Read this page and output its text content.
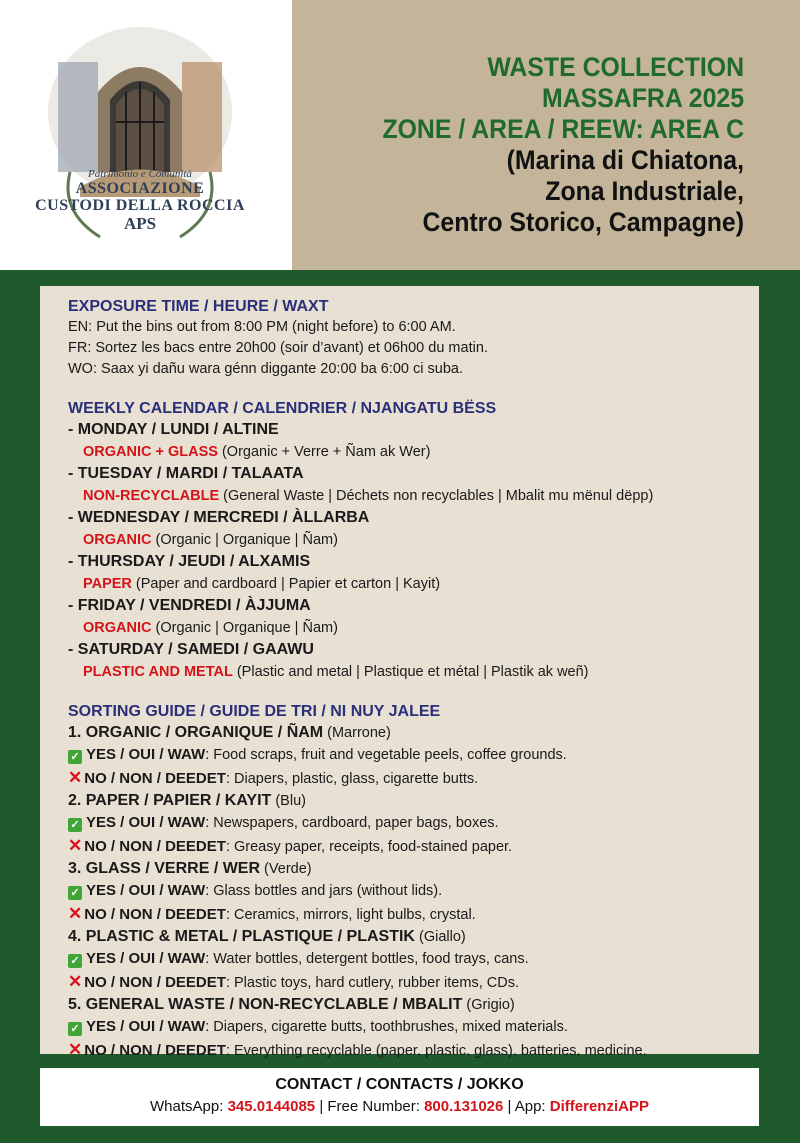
Patrimonio e Comunità
ASSOCIAZIONE
CUSTODI DELLA ROCCIA
APS
WASTE COLLECTION
MASSAFRA 2025
ZONE / AREA / REEW: AREA C
(Marina di Chiatona,
Zona Industriale,
Centro Storico, Campagne)
EXPOSURE TIME / HEURE / WAXT
EN: Put the bins out from 8:00 PM (night before) to 6:00 AM.
FR: Sortez les bacs entre 20h00 (soir d’avant) et 06h00 du matin.
WO: Saax yi dañu wara génn diggante 20:00 ba 6:00 ci suba.
WEEKLY CALENDAR / CALENDRIER / NJANGATU BËSS
- MONDAY / LUNDI / ALTINE
ORGANIC + GLASS (Organic + Verre + Ñam ak Wer)
- TUESDAY / MARDI / TALAATA
NON-RECYCLABLE (General Waste | Déchets non recyclables | Mbalit mu mënul dëpp)
- WEDNESDAY / MERCREDI / ÀLLARBA
ORGANIC (Organic | Organique | Ñam)
- THURSDAY / JEUDI / ALXAMIS
PAPER (Paper and cardboard | Papier et carton | Kayit)
- FRIDAY / VENDREDI / ÀJJUMA
ORGANIC (Organic | Organique | Ñam)
- SATURDAY / SAMEDI / GAAWU
PLASTIC AND METAL (Plastic and metal | Plastique et métal | Plastik ak weñ)
SORTING GUIDE / GUIDE DE TRI / NI NUY JALEE
1. ORGANIC / ORGANIQUE / ÑAM (Marrone)
✓ YES / OUI / WAW: Food scraps, fruit and vegetable peels, coffee grounds.
✕ NO / NON / DEEDET: Diapers, plastic, glass, cigarette butts.
2. PAPER / PAPIER / KAYIT (Blu)
✓ YES / OUI / WAW: Newspapers, cardboard, paper bags, boxes.
✕ NO / NON / DEEDET: Greasy paper, receipts, food-stained paper.
3. GLASS / VERRE / WER (Verde)
✓ YES / OUI / WAW: Glass bottles and jars (without lids).
✕ NO / NON / DEEDET: Ceramics, mirrors, light bulbs, crystal.
4. PLASTIC & METAL / PLASTIQUE / PLASTIK (Giallo)
✓ YES / OUI / WAW: Water bottles, detergent bottles, food trays, cans.
✕ NO / NON / DEEDET: Plastic toys, hard cutlery, rubber items, CDs.
5. GENERAL WASTE / NON-RECYCLABLE / MBALIT (Grigio)
✓ YES / OUI / WAW: Diapers, cigarette butts, toothbrushes, mixed materials.
✕ NO / NON / DEEDET: Everything recyclable (paper, plastic, glass), batteries, medicine.
CONTACT / CONTACTS / JOKKO
WhatsApp: 345.0144085 | Free Number: 800.131026 | App: DifferenziAPP
